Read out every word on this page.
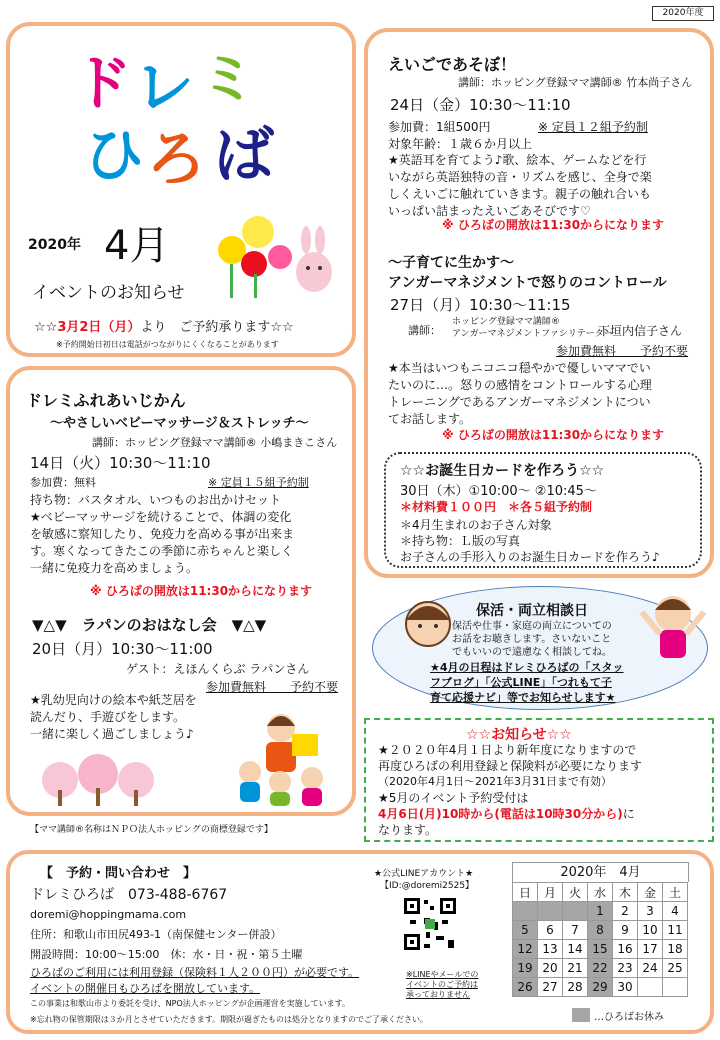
2020年度
ド レ ミ
ひ ろ ば
2020年 4月
イベントのお知らせ
☆☆3月2日（月）より　ご予約承ります☆☆
※予約開始日初日は電話がつながりにくくなることがあります
ドレミふれあいじかん
～やさしいベビーマッサージ＆ストレッチ～
講師：ホッピング登録ママ講師® 小嶋まきこさん
14日（火）10:30～11:10
参加費：無料	※ 定員１５組予約制
持ち物：バスタオル、いつものお出かけセット
★ベビーマッサージを続けることで、体調の変化
を敏感に察知したり、免疫力を高める事が出来ま
す。寒くなってきたこの季節に赤ちゃんと楽しく
一緒に免疫力を高めましょう。
※ ひろばの開放は11:30からになります
▼△▼　ラパンのおはなし会　▼△▼
20日（月）10:30～11:00
ゲスト：えほんくらぶ ラパンさん
参加費無料　　予約不要
★乳幼児向けの絵本や紙芝居を
読んだり、手遊びをします。
一緒に楽しく過ごしましょう♪
えいごであそぼ！
講師：ホッピング登録ママ講師® 竹本尚子さん
24日（金）10:30～11:10
参加費：1組500円	※ 定員１２組予約制
対象年齢：１歳６か月以上
★英語耳を育てよう♪歌、絵本、ゲームなどを行
いながら英語独特の音・リズムを感じ、全身で楽
しくえいごに触れていきます。親子の触れ合いも
いっぱい詰まったえいごあそびです♡
※ ひろばの開放は11:30からになります
～子育てに生かす～
アンガーマネジメントで怒りのコントロール
27日（月）10:30～11:15
講師：
ホッピング登録ママ講師®
アンガーマネジメントファシリテーター
下垣内信子さん
参加費無料　　予約不要
★本当はいつもニコニコ穏やかで優しいママでい
たいのに…。怒りの感情をコントロールする心理
トレーニングであるアンガーマネジメントについ
てお話します。
※ ひろばの開放は11:30からになります
☆☆お誕生日カードを作ろう☆☆
30日（木）①10:00～ ②10:45～
＊材料費１００円　＊各５組予約制
＊4月生まれのお子さん対象
＊持ち物：Ｌ版の写真
お子さんの手形入りのお誕生日カードを作ろう♪
保活・両立相談日
保活や仕事・家庭の両立についての
お話をお聴きします。さいないこと
でもいいので遠慮なく相談してね。
★4月の日程はドレミひろばの「スタッ
フブログ」「公式LINE」「つれもて子
育て応援ナビ」等でお知らせします★
☆☆お知らせ☆☆
★２０２０年4月１日より新年度になりますので
再度ひろばの利用登録と保険料が必要になります
（2020年4月1日～2021年3月31日まで有効）
★5月のイベント予約受付は
4月6日(月)10時から(電話は10時30分から)に
なります。
【ママ講師®名称はＮＰＯ法人ホッピングの商標登録です】
【　予約・問い合わせ　】
ドレミひろば　073-488-6767
doremi@hoppingmama.com
住所：和歌山市田尻493-1（南保健センター併設）
開設時間：10:00～15:00　休：水・日・祝・第５土曜
ひろばのご利用には利用登録（保険料１人２００円）が必要です。
イベントの開催日もひろばを開放しています。
この事業は和歌山市より委託を受け、NPO法人ホッピングが企画運営を実施しています。
※忘れ物の保管期限は３か月とさせていただきます。期限が過ぎたものは処分となりますのでご了承ください。
★公式LINEアカウント★
【ID:@doremi2525】
※LINEやメールでの
イベントのご予約は
承っておりません
2020年　4月
日	月	火	水	木	金	土
			1	2	3	4
5	6	7	8	9	10	11
12	13	14	15	16	17	18
19	20	21	22	23	24	25
26	27	28	29	30		
…ひろばお休み
